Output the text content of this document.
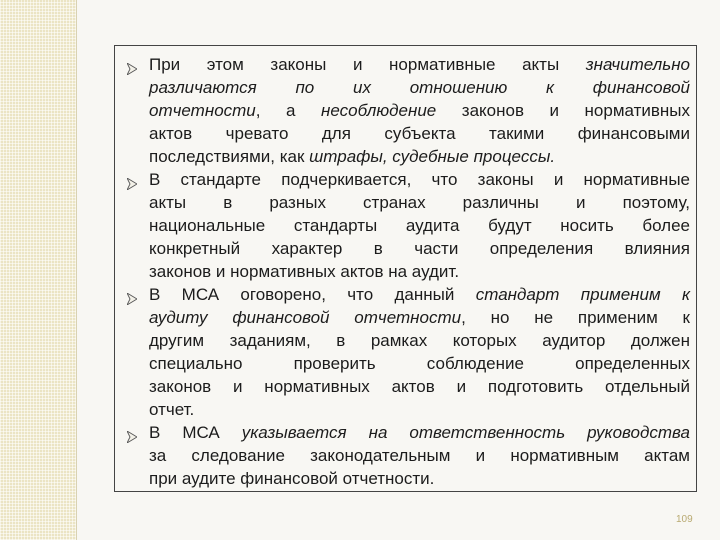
При этом законы и нормативные акты значительно
различаются по их отношению к финансовой
отчетности, а несоблюдение законов и нормативных
актов чревато для субъекта такими финансовыми
последствиями, как штрафы, судебные процессы.
В стандарте подчеркивается, что законы и нормативные
акты в разных странах различны и поэтому,
национальные стандарты аудита будут носить более
конкретный характер в части определения влияния
законов и нормативных актов на аудит.
В МСА оговорено, что данный стандарт применим к
аудиту финансовой отчетности, но не применим к
другим заданиям, в рамках которых аудитор должен
специально проверить соблюдение определенных
законов и нормативных актов и подготовить отдельный
отчет.
В МСА указывается на ответственность руководства
за следование законодательным и нормативным актам
при аудите финансовой отчетности.
109
